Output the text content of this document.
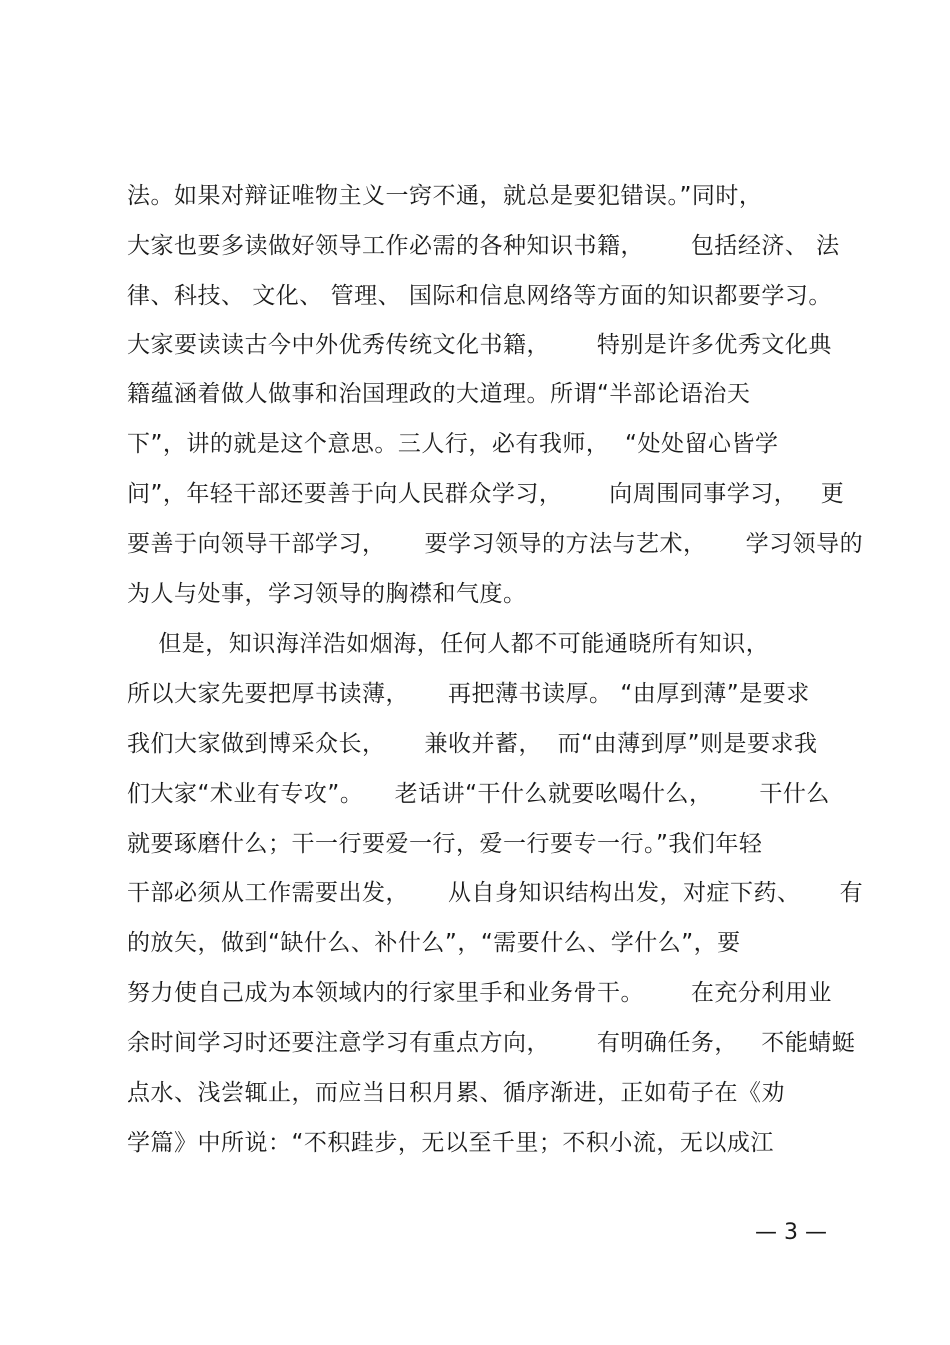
法。如果对辩证唯物主义一窍不通，就总是要犯错误。”同时，
大家也要多读做好领导工作必需的各种知识书籍，      包括经济、 法
律、科技、 文化、 管理、 国际和信息网络等方面的知识都要学习。
大家要读读古今中外优秀传统文化书籍，      特别是许多优秀文化典
籍蕴涵着做人做事和治国理政的大道理。所谓“半部论语治天
下”，讲的就是这个意思。三人行，必有我师，  “处处留心皆学
问”，年轻干部还要善于向人民群众学习，      向周围同事学习，   更
要善于向领导干部学习，     要学习领导的方法与艺术，     学习领导的
为人与处事，学习领导的胸襟和气度。
但是，知识海洋浩如烟海，任何人都不可能通晓所有知识，
所以大家先要把厚书读薄，     再把薄书读厚。 “由厚到薄”是要求
我们大家做到博采众长，     兼收并蓄，  而“由薄到厚”则是要求我
们大家“术业有专攻”。    老话讲“干什么就要吆喝什么，      干什么
就要琢磨什么；干一行要爱一行，爱一行要专一行。”我们年轻
干部必须从工作需要出发，     从自身知识结构出发，对症下药、     有
的放矢，做到“缺什么、补什么”，“需要什么、学什么”，要
努力使自己成为本领域内的行家里手和业务骨干。      在充分利用业
余时间学习时还要注意学习有重点方向，      有明确任务，   不能蜻蜓
点水、浅尝辄止，而应当日积月累、循序渐进，正如荀子在《劝
学篇》中所说：“不积跬步，无以至千里；不积小流，无以成江
— 3 —
